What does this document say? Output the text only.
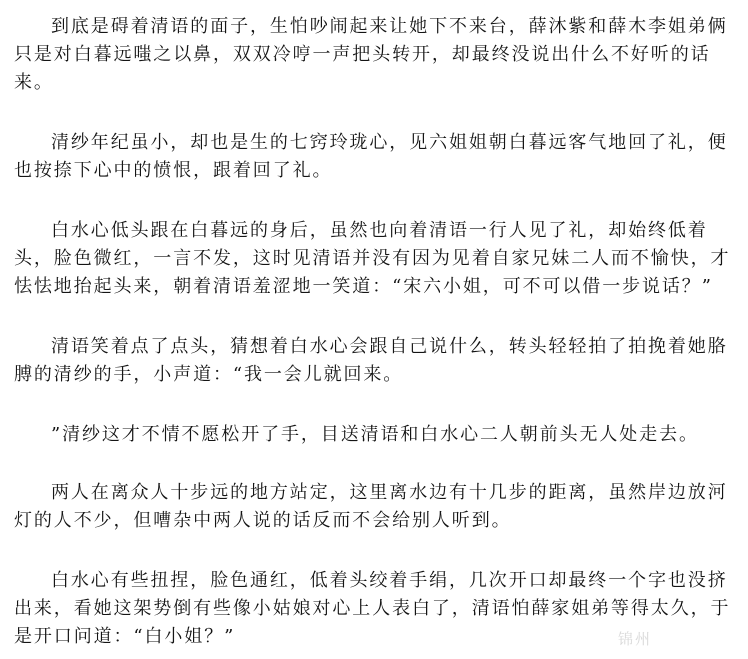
到底是碍着清语的面子，生怕吵闹起来让她下不来台，薛沐紫和薛木李姐弟俩只是对白暮远嗤之以鼻，双双冷哼一声把头转开，却最终没说出什么不好听的话来。

清纱年纪虽小，却也是生的七窍玲珑心，见六姐姐朝白暮远客气地回了礼，便也按捺下心中的愤恨，跟着回了礼。

白水心低头跟在白暮远的身后，虽然也向着清语一行人见了礼，却始终低着头，脸色微红，一言不发，这时见清语并没有因为见着自家兄妹二人而不愉快，才怯怯地抬起头来，朝着清语羞涩地一笑道：“宋六小姐，可不可以借一步说话？”

清语笑着点了点头，猜想着白水心会跟自己说什么，转头轻轻拍了拍挽着她胳膊的清纱的手，小声道：“我一会儿就回来。

”清纱这才不情不愿松开了手，目送清语和白水心二人朝前头无人处走去。

两人在离众人十步远的地方站定，这里离水边有十几步的距离，虽然岸边放河灯的人不少，但嘈杂中两人说的话反而不会给别人听到。

白水心有些扭捏，脸色通红，低着头绞着手绢，几次开口却最终一个字也没挤出来，看她这架势倒有些像小姑娘对心上人表白了，清语怕薛家姐弟等得太久，于是开口问道：“白小姐？”	锦州
